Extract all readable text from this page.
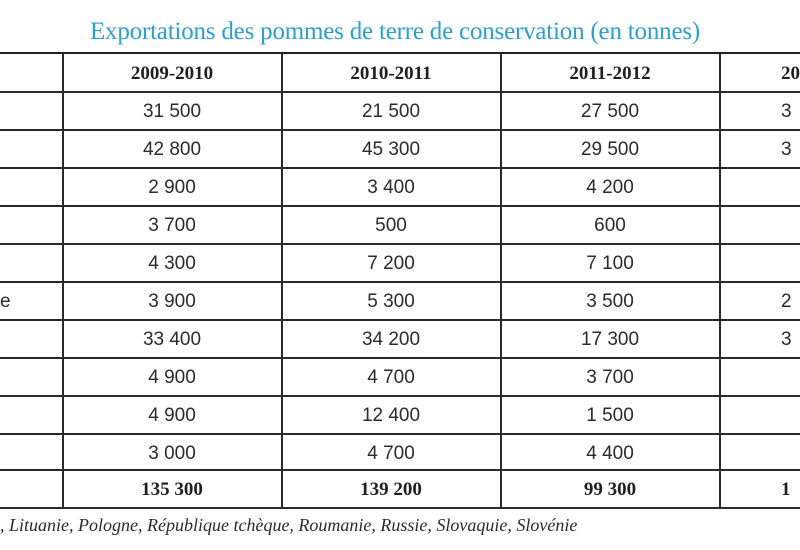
Exportations des pommes de terre de conservation (en tonnes)
2009-2010	2010-2011	2011-2012	20
31 500	21 500	27 500	3
42 800	45 300	29 500	3
2 900	3 400	4 200
3 700	500	600
4 300	7 200	7 100
e	3 900	5 300	3 500	2
33 400	34 200	17 300	3
4 900	4 700	3 700
4 900	12 400	1 500
3 000	4 700	4 400
135 300	139 200	99 300	1
, Lituanie, Pologne, République tchèque, Roumanie, Russie, Slovaquie, Slovénie
